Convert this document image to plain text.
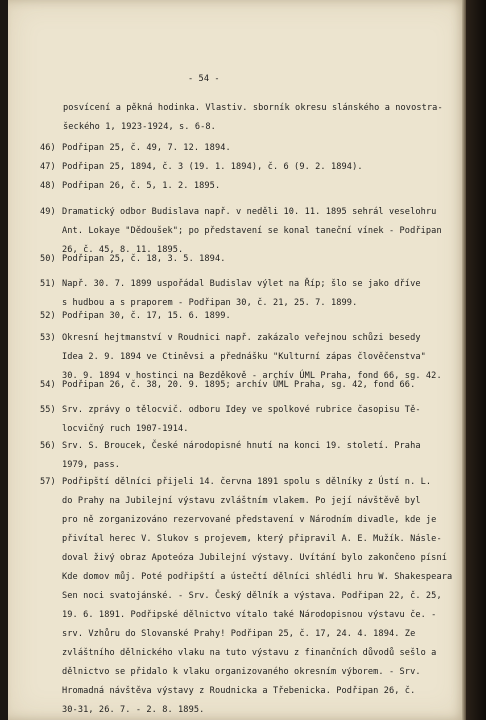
- 54 -
posvícení a pěkná hodinka. Vlastiv. sborník okresu slánského a novostra-
šeckého 1, 1923-1924, s. 6-8.
46) Podřipan 25, č. 49, 7. 12. 1894.
47) Podřipan 25, 1894, č. 3 (19. 1. 1894), č. 6 (9. 2. 1894).
48) Podřipan 26, č. 5, 1. 2. 1895.
49) Dramatický odbor Budislava např. v neděli 10. 11. 1895 sehrál veselohru
Ant. Lokaye "Dědoušek"; po představení se konal taneční vínek - Podřipan
26, č. 45, 8. 11. 1895.
50) Podřipan 25, č. 18, 3. 5. 1894.
51) Např. 30. 7. 1899 uspořádal Budislav výlet na Říp; šlo se jako dříve
s hudbou a s praporem - Podřipan 30, č. 21, 25. 7. 1899.
52) Podřipan 30, č. 17, 15. 6. 1899.
53) Okresní hejtmanství v Roudnici např. zakázalo veřejnou schůzi besedy
Idea 2. 9. 1894 ve Ctiněvsi a přednášku "Kulturní zápas člověčenstva"
30. 9. 1894 v hostinci na Bezděkově - archív ÚML Praha, fond 66, sg. 42.
54) Podřipan 26, č. 38, 20. 9. 1895; archív ÚML Praha, sg. 42, fond 66.
55) Srv. zprávy o tělocvič. odboru Idey ve spolkové rubrice časopisu Tě-
locvičný ruch 1907-1914.
56) Srv. S. Broucek, České národopisné hnutí na konci 19. století. Praha
1979, pass.
57) Podřipští dělníci přijeli 14. června 1891 spolu s dělníky z Ústí n. L.
do Prahy na Jubilejní výstavu zvláštním vlakem. Po její návštěvě byl
pro ně zorganizováno rezervované představení v Národním divadle, kde je
přivítal herec V. Slukov s projevem, který připravil A. E. Mužík. Násle-
doval živý obraz Apoteóza Jubilejní výstavy. Uvítání bylo zakončeno písní
Kde domov můj. Poté podřipští a ústečtí dělníci shlédli hru W. Shakespeara
Sen noci svatojánské. - Srv. Český dělník a výstava. Podřipan 22, č. 25,
19. 6. 1891. Podřipské dělnictvo vítalo také Národopisnou výstavu če. -
srv. Vzhůru do Slovanské Prahy! Podřipan 25, č. 17, 24. 4. 1894. Ze
zvláštního dělnického vlaku na tuto výstavu z finančních důvodů sešlo a
dělnictvo se přidalo k vlaku organizovaného okresním výborem. - Srv.
Hromadná návštěva výstavy z Roudnicka a Třebenicka. Podřipan 26, č.
30-31, 26. 7. - 2. 8. 1895.
